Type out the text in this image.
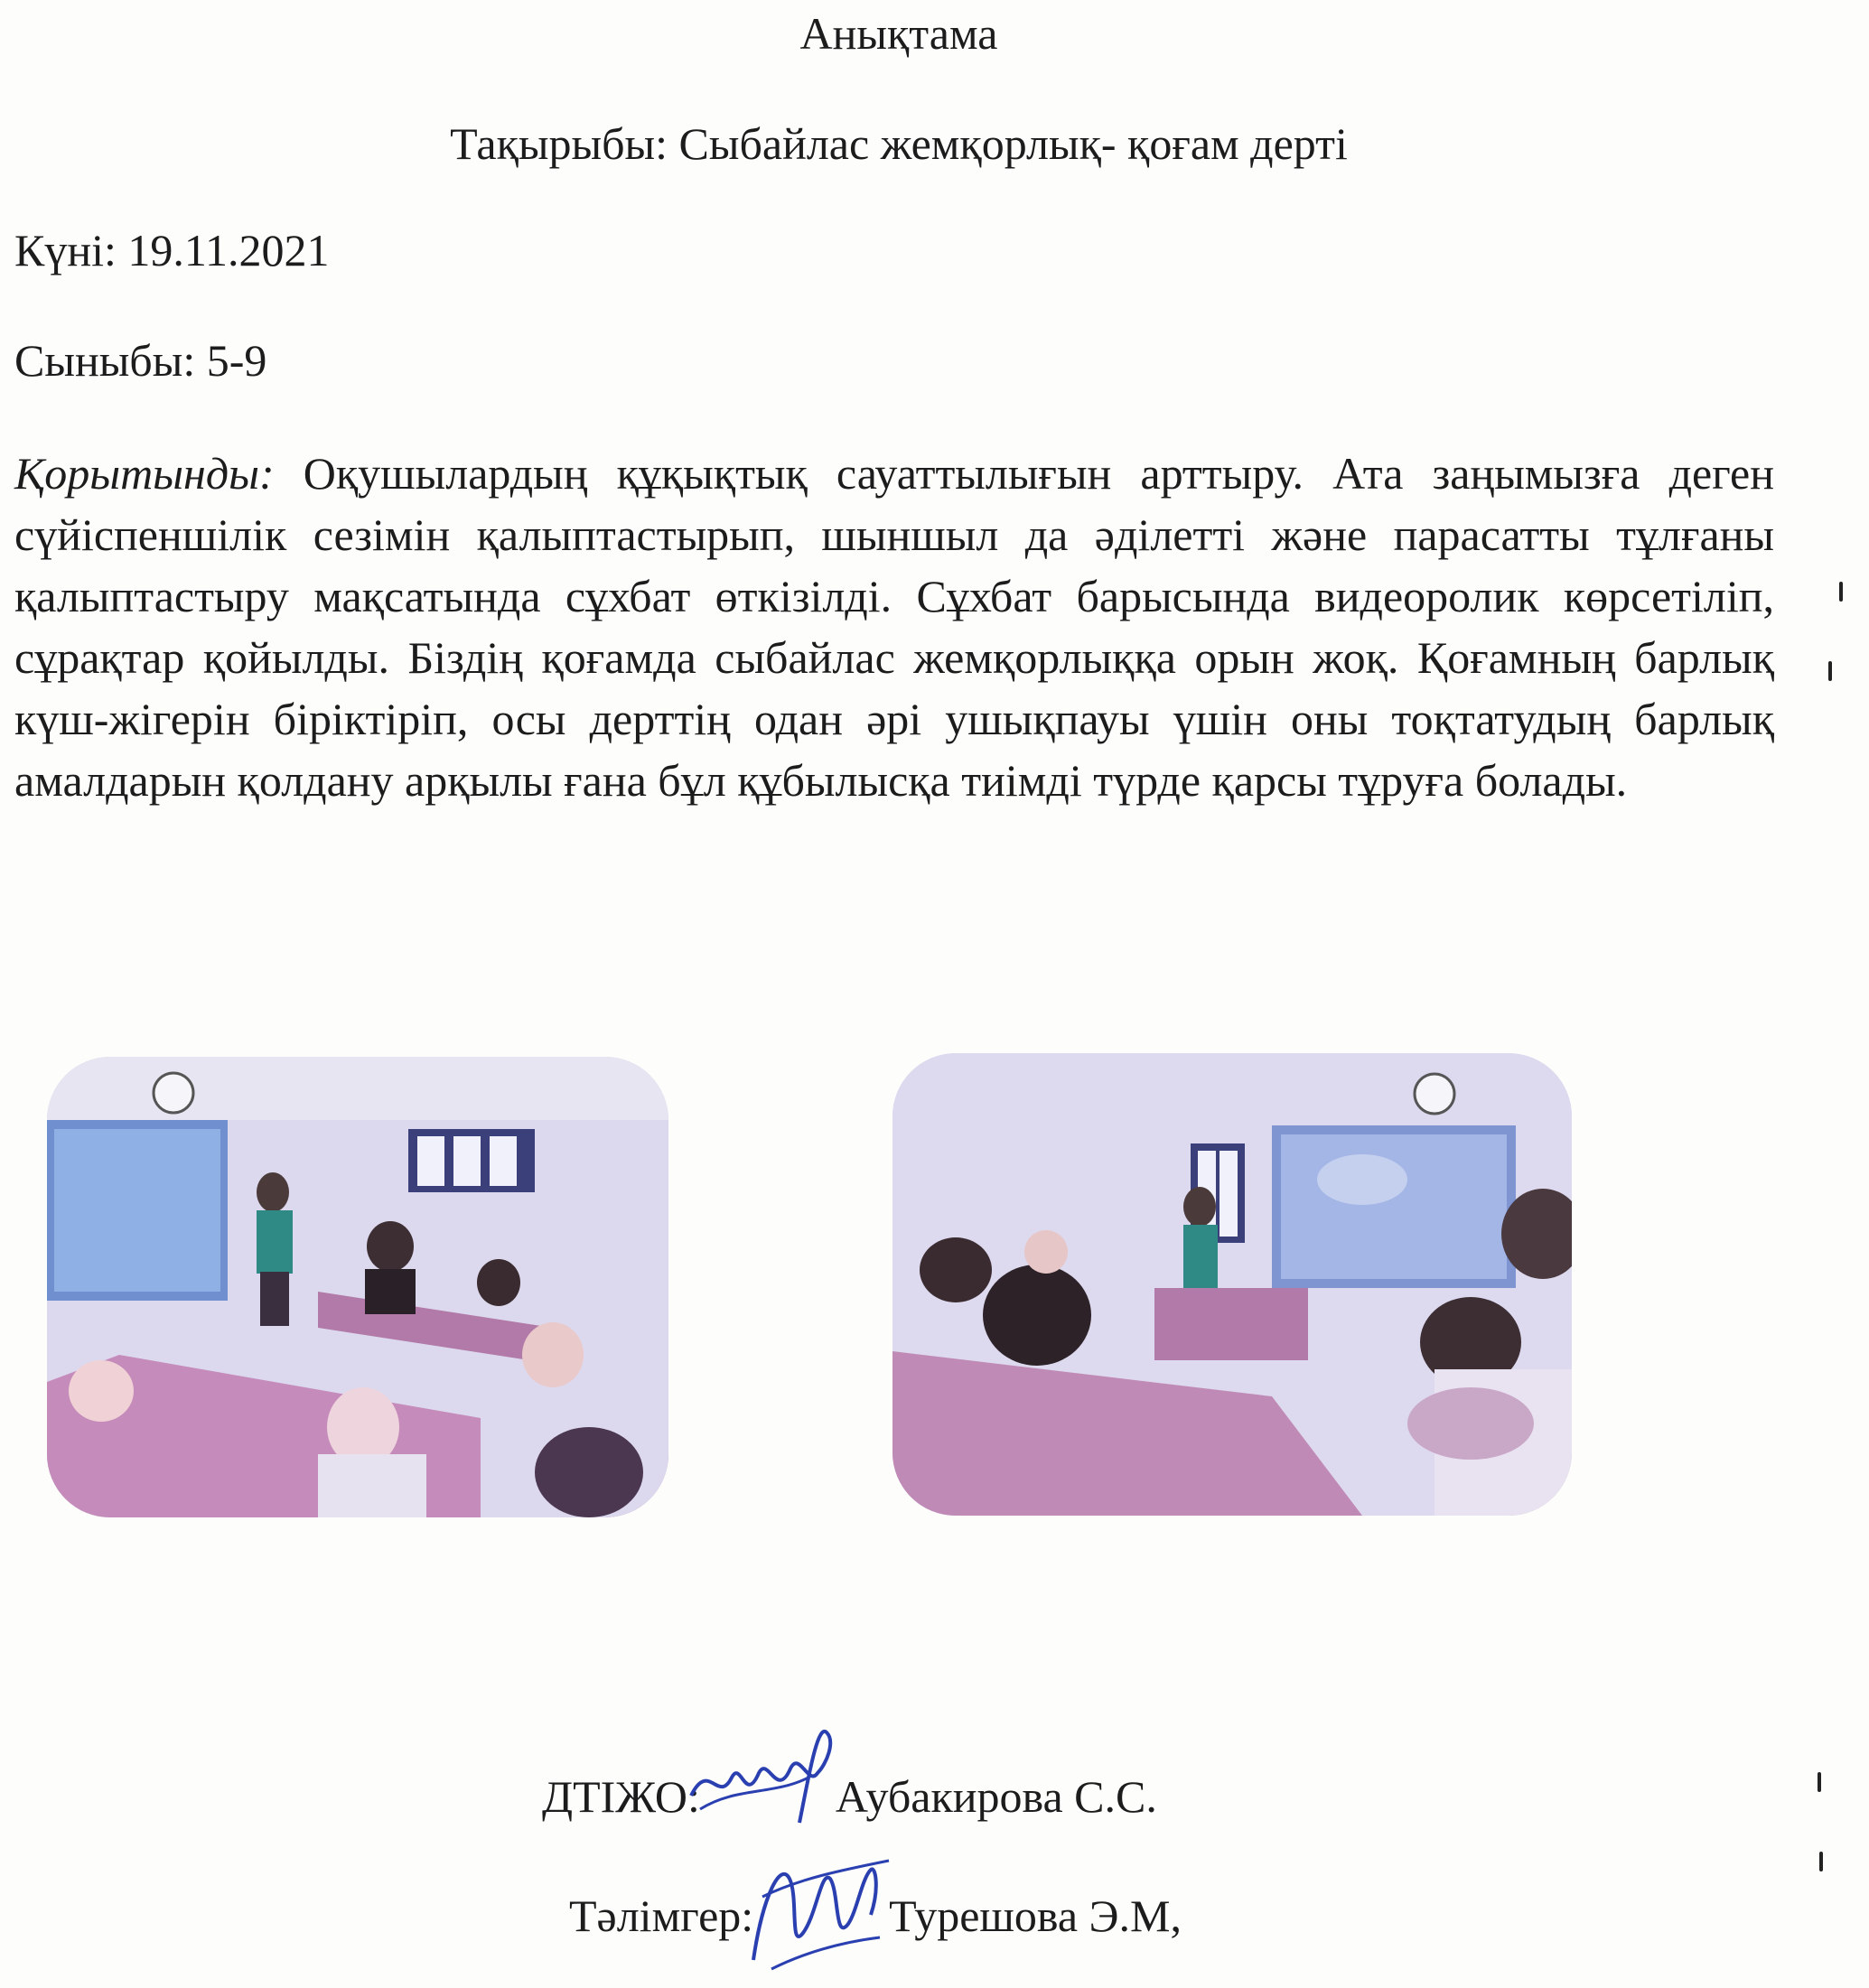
Анықтама
Тақырыбы: Сыбайлас жемқорлық- қоғам дерті
Күні: 19.11.2021
Сыныбы: 5-9
Қорытынды: Оқушылардың құқықтық сауаттылығын арттыру. Ата заңымызға деген сүйіспеншілік сезімін қалыптастырып, шыншыл да әділетті және парасатты тұлғаны қалыптастыру мақсатында сұхбат өткізілді. Сұхбат барысында видеоролик көрсетіліп, сұрақтар қойылды. Біздің қоғамда сыбайлас жемқорлыққа орын жоқ. Қоғамның барлық күш-жігерін біріктіріп, осы дерттің одан әрі ушықпауы үшін оны тоқтатудың барлық амалдарын қолдану арқылы ғана бұл құбылысқа тиімді түрде қарсы тұруға болады.
ДТІЖО:	Аубакирова С.С.
Тәлімгер:	Турешова Э.М,
